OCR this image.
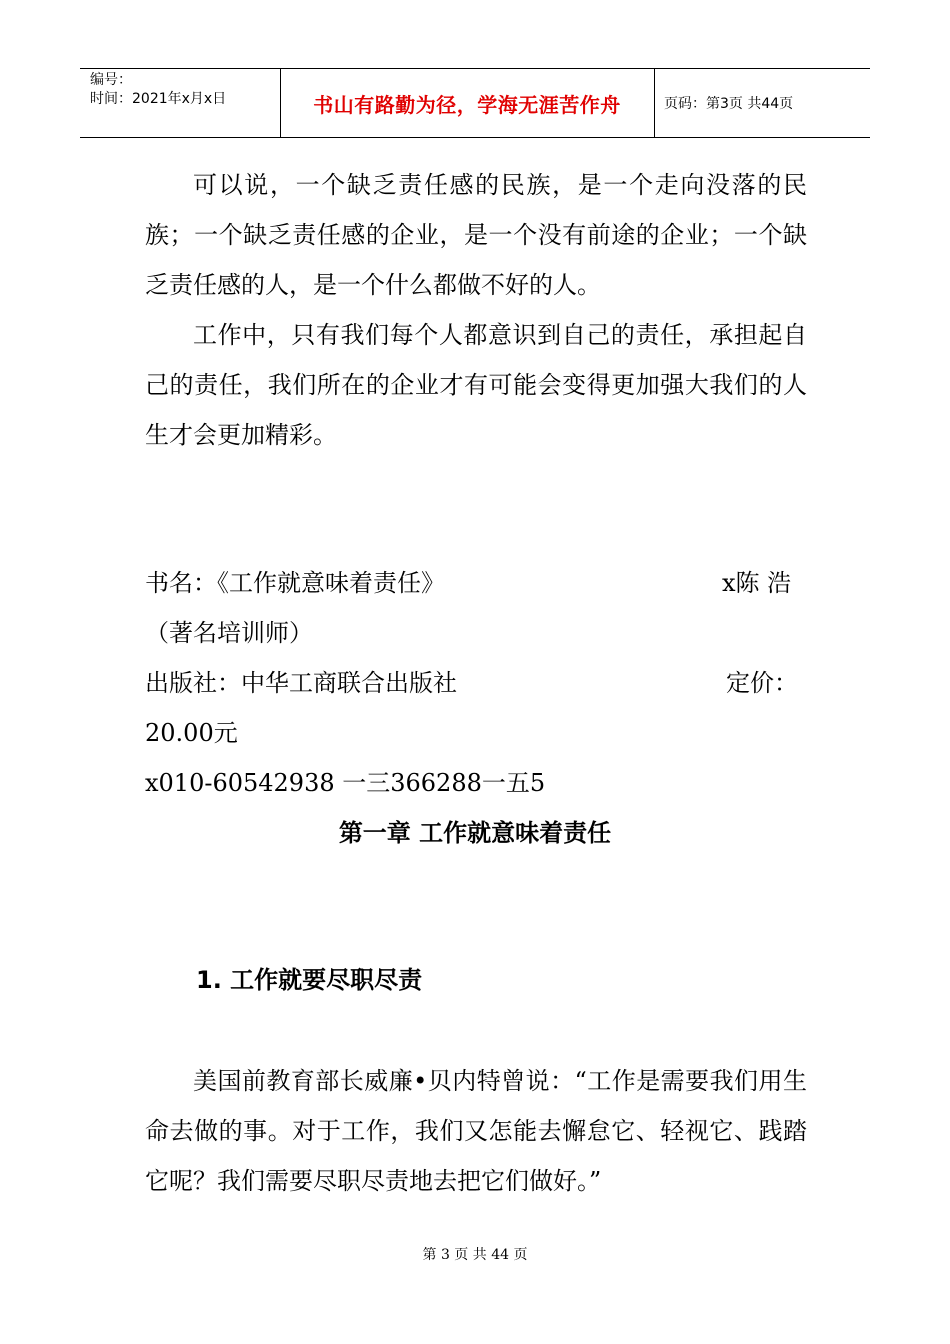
编号：
时间：2021年x月x日	书山有路勤为径，学海无涯苦作舟	页码：第3页 共44页
可以说，一个缺乏责任感的民族，是一个走向没落的民族；一个缺乏责任感的企业，是一个没有前途的企业；一个缺乏责任感的人，是一个什么都做不好的人。
工作中，只有我们每个人都意识到自己的责任，承担起自己的责任，我们所在的企业才有可能会变得更加强大我们的人生才会更加精彩。
书名：《工作就意味着责任》	x陈 浩
（著名培训师）
出版社：中华工商联合出版社	定价：
20.00元
x010-60542938 一三366288一五5
第一章 工作就意味着责任
1. 工作就要尽职尽责
美国前教育部长威廉•贝内特曾说：“工作是需要我们用生命去做的事。对于工作，我们又怎能去懈怠它、轻视它、践踏它呢？我们需要尽职尽责地去把它们做好。”
第 3 页 共 44 页
